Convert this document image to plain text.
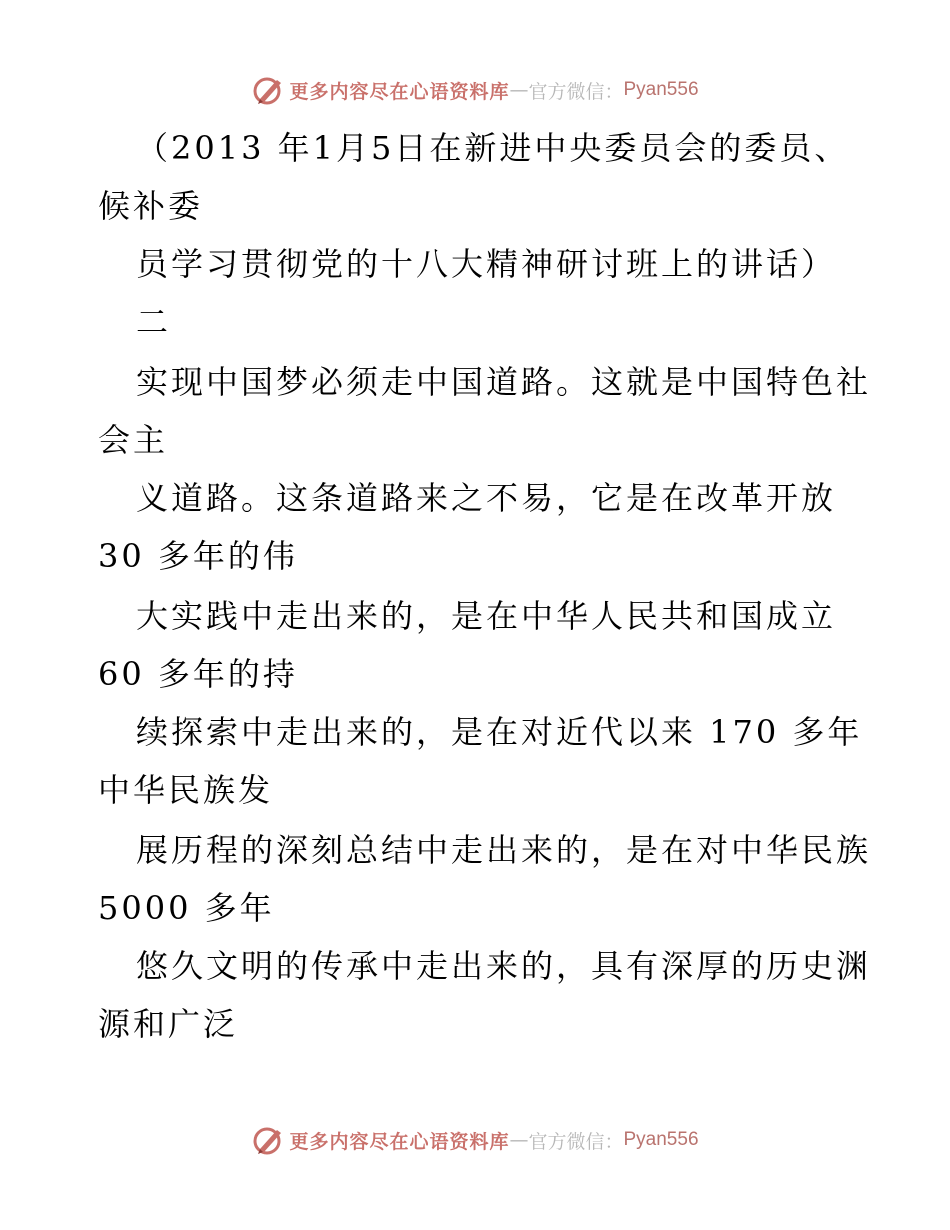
更多内容尽在心语资料库 — 官方微信： Pyan556
（2013 年1月5日在新进中央委员会的委员、
候补委
员学习贯彻党的十八大精神研讨班上的讲话）
二
实现中国梦必须走中国道路。这就是中国特色社
会主
义道路。这条道路来之不易，它是在改革开放
30 多年的伟
大实践中走出来的，是在中华人民共和国成立
60 多年的持
续探索中走出来的，是在对近代以来 170 多年
中华民族发
展历程的深刻总结中走出来的，是在对中华民族
5000 多年
悠久文明的传承中走出来的，具有深厚的历史渊
源和广泛
更多内容尽在心语资料库 — 官方微信： Pyan556
